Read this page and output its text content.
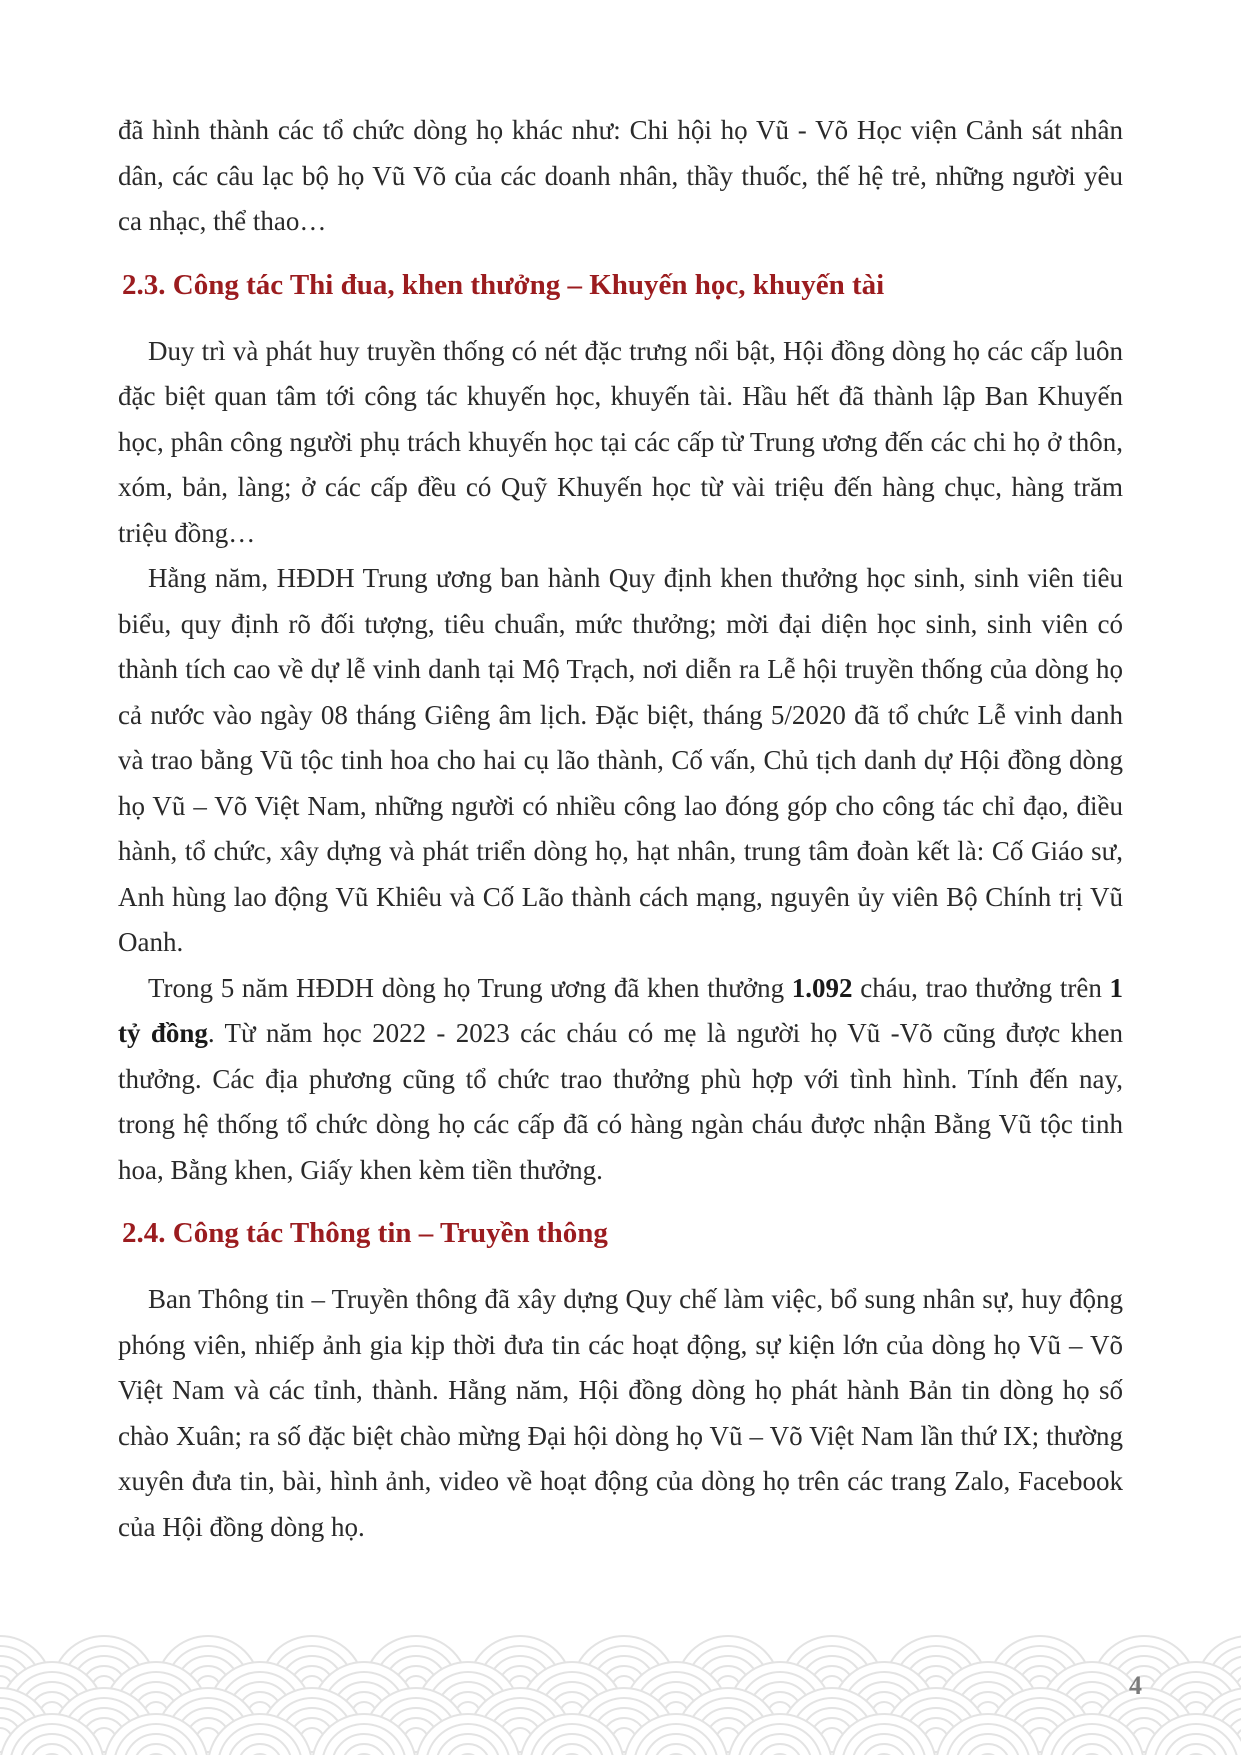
đã hình thành các tổ chức dòng họ khác như: Chi hội họ Vũ - Võ Học viện Cảnh sát nhân dân, các câu lạc bộ họ Vũ Võ của các doanh nhân, thầy thuốc, thế hệ trẻ, những người yêu ca nhạc, thể thao…

2.3. Công tác Thi đua, khen thưởng – Khuyến học, khuyến tài

Duy trì và phát huy truyền thống có nét đặc trưng nổi bật, Hội đồng dòng họ các cấp luôn đặc biệt quan tâm tới công tác khuyến học, khuyến tài. Hầu hết đã thành lập Ban Khuyến học, phân công người phụ trách khuyến học tại các cấp từ Trung ương đến các chi họ ở thôn, xóm, bản, làng; ở các cấp đều có Quỹ Khuyến học từ vài triệu đến hàng chục, hàng trăm triệu đồng…

Hằng năm, HĐDH Trung ương ban hành Quy định khen thưởng học sinh, sinh viên tiêu biểu, quy định rõ đối tượng, tiêu chuẩn, mức thưởng; mời đại diện học sinh, sinh viên có thành tích cao về dự lễ vinh danh tại Mộ Trạch, nơi diễn ra Lễ hội truyền thống của dòng họ cả nước vào ngày 08 tháng Giêng âm lịch. Đặc biệt, tháng 5/2020 đã tổ chức Lễ vinh danh và trao bằng Vũ tộc tinh hoa cho hai cụ lão thành, Cố vấn, Chủ tịch danh dự Hội đồng dòng họ Vũ – Võ Việt Nam, những người có nhiều công lao đóng góp cho công tác chỉ đạo, điều hành, tổ chức, xây dựng và phát triển dòng họ, hạt nhân, trung tâm đoàn kết là: Cố Giáo sư, Anh hùng lao động Vũ Khiêu và Cố Lão thành cách mạng, nguyên ủy viên Bộ Chính trị Vũ Oanh.

Trong 5 năm HĐDH dòng họ Trung ương đã khen thưởng 1.092 cháu, trao thưởng trên 1 tỷ đồng. Từ năm học 2022 - 2023 các cháu có mẹ là người họ Vũ -Võ cũng được khen thưởng. Các địa phương cũng tổ chức trao thưởng phù hợp với tình hình. Tính đến nay, trong hệ thống tổ chức dòng họ các cấp đã có hàng ngàn cháu được nhận Bằng Vũ tộc tinh hoa, Bằng khen, Giấy khen kèm tiền thưởng.

2.4. Công tác Thông tin – Truyền thông

Ban Thông tin – Truyền thông đã xây dựng Quy chế làm việc, bổ sung nhân sự, huy động phóng viên, nhiếp ảnh gia kịp thời đưa tin các hoạt động, sự kiện lớn của dòng họ Vũ – Võ Việt Nam và các tỉnh, thành. Hằng năm, Hội đồng dòng họ phát hành Bản tin dòng họ số chào Xuân; ra số đặc biệt chào mừng Đại hội dòng họ Vũ – Võ Việt Nam lần thứ IX; thường xuyên đưa tin, bài, hình ảnh, video về hoạt động của dòng họ trên các trang Zalo, Facebook của Hội đồng dòng họ.

4
